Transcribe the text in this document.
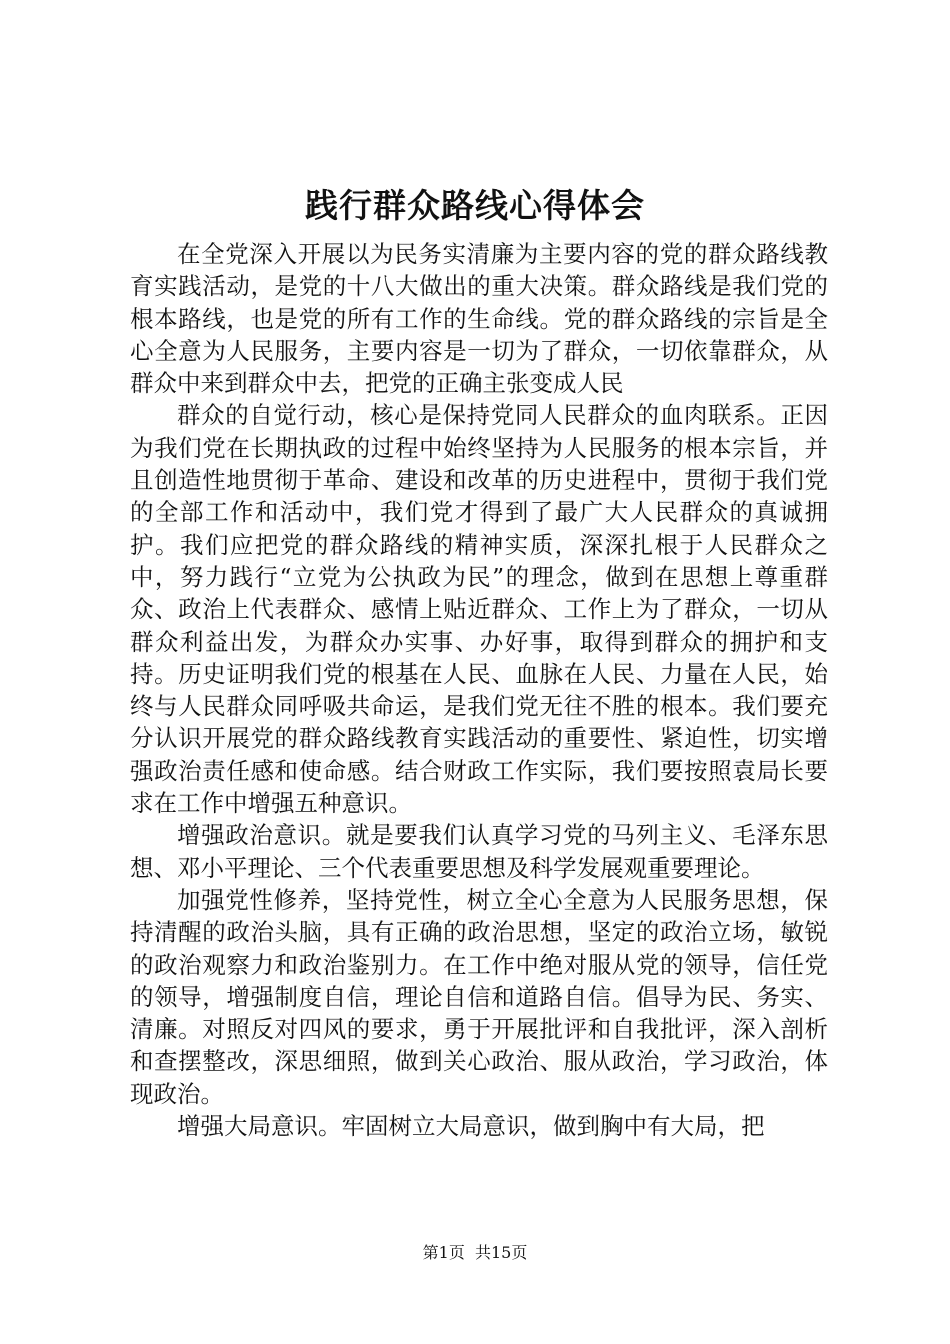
践行群众路线心得体会

在全党深入开展以为民务实清廉为主要内容的党的群众路线教育实践活动，是党的十八大做出的重大决策。群众路线是我们党的根本路线，也是党的所有工作的生命线。党的群众路线的宗旨是全心全意为人民服务，主要内容是一切为了群众，一切依靠群众，从群众中来到群众中去，把党的正确主张变成人民

群众的自觉行动，核心是保持党同人民群众的血肉联系。正因为我们党在长期执政的过程中始终坚持为人民服务的根本宗旨，并且创造性地贯彻于革命、建设和改革的历史进程中，贯彻于我们党的全部工作和活动中，我们党才得到了最广大人民群众的真诚拥护。我们应把党的群众路线的精神实质，深深扎根于人民群众之中，努力践行“立党为公执政为民”的理念，做到在思想上尊重群众、政治上代表群众、感情上贴近群众、工作上为了群众，一切从群众利益出发，为群众办实事、办好事，取得到群众的拥护和支持。历史证明我们党的根基在人民、血脉在人民、力量在人民，始终与人民群众同呼吸共命运，是我们党无往不胜的根本。我们要充分认识开展党的群众路线教育实践活动的重要性、紧迫性，切实增强政治责任感和使命感。结合财政工作实际，我们要按照袁局长要求在工作中增强五种意识。

增强政治意识。就是要我们认真学习党的马列主义、毛泽东思想、邓小平理论、三个代表重要思想及科学发展观重要理论。

加强党性修养，坚持党性，树立全心全意为人民服务思想，保持清醒的政治头脑，具有正确的政治思想，坚定的政治立场，敏锐的政治观察力和政治鉴别力。在工作中绝对服从党的领导，信任党的领导，增强制度自信，理论自信和道路自信。倡导为民、务实、清廉。对照反对四风的要求，勇于开展批评和自我批评，深入剖析和查摆整改，深思细照，做到关心政治、服从政治，学习政治，体现政治。

增强大局意识。牢固树立大局意识，做到胸中有大局，把

第1页  共15页
